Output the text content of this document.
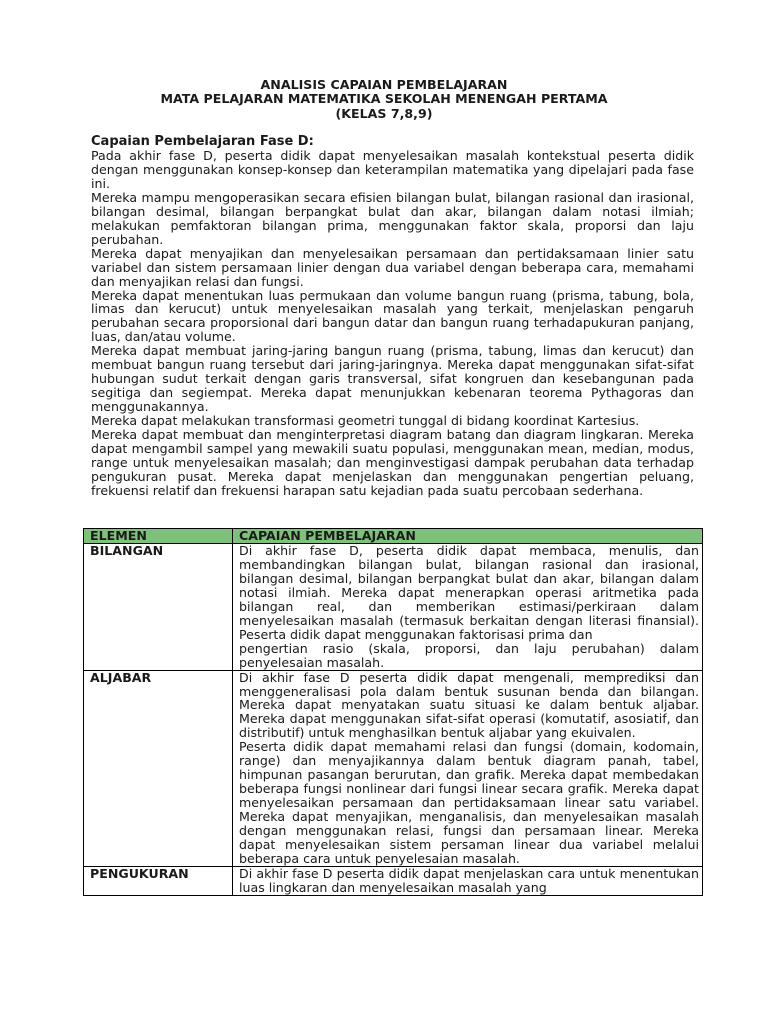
ANALISIS CAPAIAN PEMBELAJARAN
MATA PELAJARAN MATEMATIKA SEKOLAH MENENGAH PERTAMA
(KELAS 7,8,9)
Capaian Pembelajaran Fase D:

Pada akhir fase D, peserta didik dapat menyelesaikan masalah kontekstual peserta didik dengan menggunakan konsep-konsep dan keterampilan matematika yang dipelajari pada fase ini.

Mereka mampu mengoperasikan secara efisien bilangan bulat, bilangan rasional dan irasional, bilangan desimal, bilangan berpangkat bulat dan akar, bilangan dalam notasi ilmiah; melakukan pemfaktoran bilangan prima, menggunakan faktor skala, proporsi dan laju perubahan.

Mereka dapat menyajikan dan menyelesaikan persamaan dan pertidaksamaan linier satu variabel dan sistem persamaan linier dengan dua variabel dengan beberapa cara, memahami dan menyajikan relasi dan fungsi.

Mereka dapat menentukan luas permukaan dan volume bangun ruang (prisma, tabung, bola, limas dan kerucut) untuk menyelesaikan masalah yang terkait, menjelaskan pengaruh perubahan secara proporsional dari bangun datar dan bangun ruang terhadapukuran panjang, luas, dan/atau volume.

Mereka dapat membuat jaring-jaring bangun ruang (prisma, tabung, limas dan kerucut) dan membuat bangun ruang tersebut dari jaring-jaringnya. Mereka dapat menggunakan sifat-sifat hubungan sudut terkait dengan garis transversal, sifat kongruen dan kesebangunan pada segitiga dan segiempat. Mereka dapat menunjukkan kebenaran teorema Pythagoras dan menggunakannya.

Mereka dapat melakukan transformasi geometri tunggal di bidang koordinat Kartesius.

Mereka dapat membuat dan menginterpretasi diagram batang dan diagram lingkaran. Mereka dapat mengambil sampel yang mewakili suatu populasi, menggunakan mean, median, modus, range untuk menyelesaikan masalah; dan menginvestigasi dampak perubahan data terhadap pengukuran pusat. Mereka dapat menjelaskan dan menggunakan pengertian peluang, frekuensi relatif dan frekuensi harapan satu kejadian pada suatu percobaan sederhana.

ELEMEN	CAPAIAN PEMBELAJARAN
BILANGAN	Di akhir fase D, peserta didik dapat membaca, menulis, dan membandingkan bilangan bulat, bilangan rasional dan irasional, bilangan desimal, bilangan berpangkat bulat dan akar, bilangan dalam notasi ilmiah. Mereka dapat menerapkan operasi aritmetika pada bilangan real, dan memberikan estimasi/perkiraan dalam menyelesaikan masalah (termasuk berkaitan dengan literasi finansial). Peserta didik dapat menggunakan faktorisasi prima dan

pengertian rasio (skala, proporsi, dan laju perubahan) dalam penyelesaian masalah.

ALJABAR	Di akhir fase D peserta didik dapat mengenali, memprediksi dan menggeneralisasi pola dalam bentuk susunan benda dan bilangan. Mereka dapat menyatakan suatu situasi ke dalam bentuk aljabar. Mereka dapat menggunakan sifat-sifat operasi (komutatif, asosiatif, dan distributif) untuk menghasilkan bentuk aljabar yang ekuivalen.

Peserta didik dapat memahami relasi dan fungsi (domain, kodomain, range) dan menyajikannya dalam bentuk diagram panah, tabel, himpunan pasangan berurutan, dan grafik. Mereka dapat membedakan beberapa fungsi nonlinear dari fungsi linear secara grafik. Mereka dapat menyelesaikan persamaan dan pertidaksamaan linear satu variabel. Mereka dapat menyajikan, menganalisis, dan menyelesaikan masalah dengan menggunakan relasi, fungsi dan persamaan linear. Mereka dapat menyelesaikan sistem persaman linear dua variabel melalui beberapa cara untuk penyelesaian masalah.

PENGUKURAN	Di akhir fase D peserta didik dapat menjelaskan cara untuk menentukan luas lingkaran dan menyelesaikan masalah yang
